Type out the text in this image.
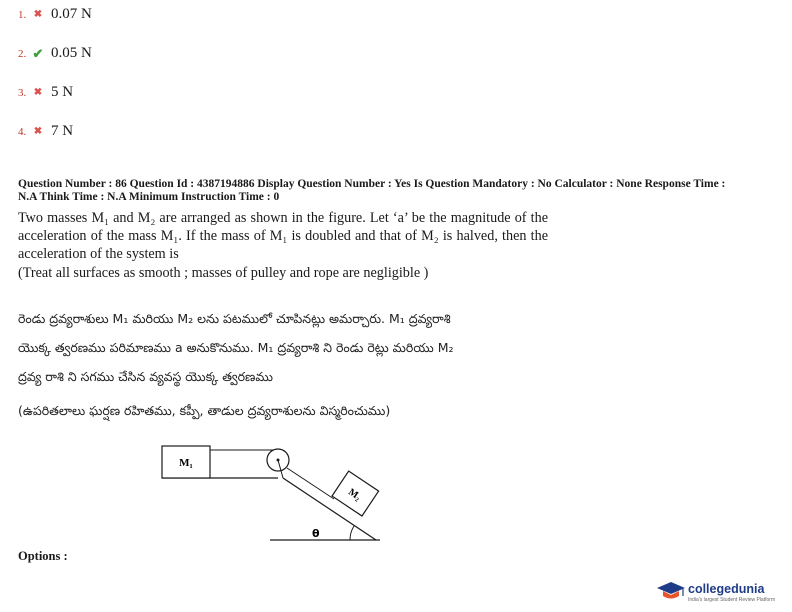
1. ✖ 0.07 N
2. ✔ 0.05 N
3. ✖ 5 N
4. ✖ 7 N
Question Number : 86 Question Id : 4387194886 Display Question Number : Yes Is Question Mandatory : No Calculator : None Response Time :
N.A Think Time : N.A Minimum Instruction Time : 0

Two masses M₁ and M₂ are arranged as shown in the figure. Let ‘a’ be the magnitude of the acceleration of the mass M₁. If the mass of M₁ is doubled and that of M₂ is halved, then the acceleration of the system is

(Treat all surfaces as smooth ; masses of pulley and rope are negligible )

రెండు ద్రవ్యరాశులు M₁ మరియు M₂ లను పటములో చూపినట్లు అమర్చారు. M₁ ద్రవ్యరాశి
యొక్క త్వరణము పరిమాణము a అనుకొనుము. M₁ ద్రవ్యరాశి ని రెండు రెట్లు మరియు M₂
ద్రవ్య రాశి ని సగము చేసిన వ్యవస్థ యొక్క త్వరణము
(ఉపరితలాలు ఘర్షణ రహితము, కప్పీ, తాడుల ద్రవ్యరాశులను విస్మరించుము)
M₁
M₂
θ
Options :
collegedunia
India's largest Student Review Platform
